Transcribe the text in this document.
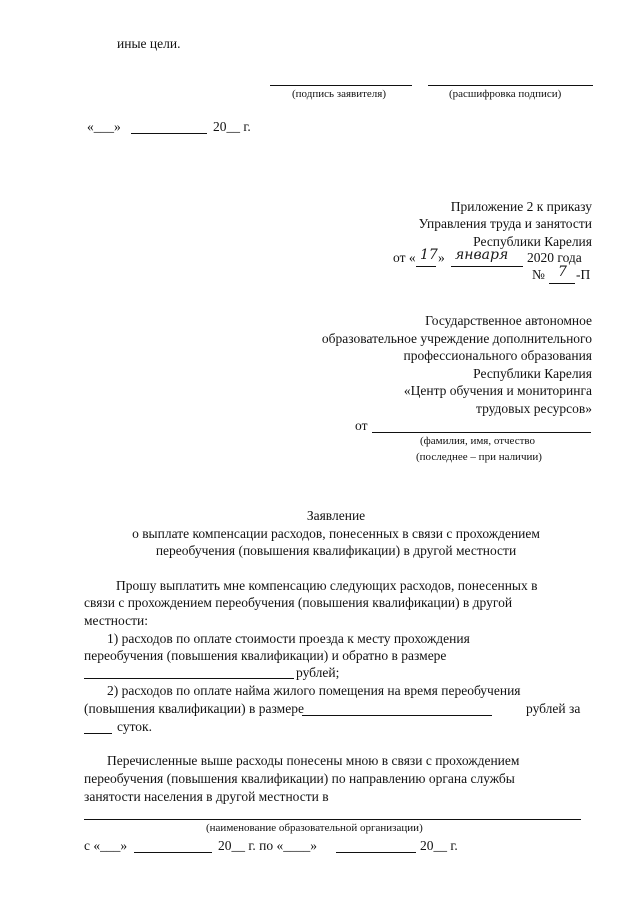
иные цели.
(подпись заявителя)	(расшифровка подписи)
«___»	20__ г.
Приложение 2 к приказу
Управления труда и занятости
Республики Карелия
от « 17 » января 2020 года
№ 7 -П
Государственное автономное
образовательное учреждение дополнительного
профессионального образования
Республики Карелия
«Центр обучения и мониторинга
трудовых ресурсов»
от
(фамилия, имя, отчество
(последнее – при наличии)
Заявление
о выплате компенсации расходов, понесенных в связи с прохождением
переобучения (повышения квалификации) в другой местности
Прошу выплатить мне компенсацию следующих расходов, понесенных в
связи с прохождением переобучения (повышения квалификации) в другой
местности:
1) расходов по оплате стоимости проезда к месту прохождения
переобучения (повышения квалификации) и обратно в размере
рублей;
2) расходов по оплате найма жилого помещения на время переобучения
(повышения квалификации) в размере	рублей за
суток.
Перечисленные выше расходы понесены мною в связи с прохождением
переобучения (повышения квалификации) по направлению органа службы
занятости населения в другой местности в
(наименование образовательной организации)
с «___»	20__ г. по «____»	20__ г.
